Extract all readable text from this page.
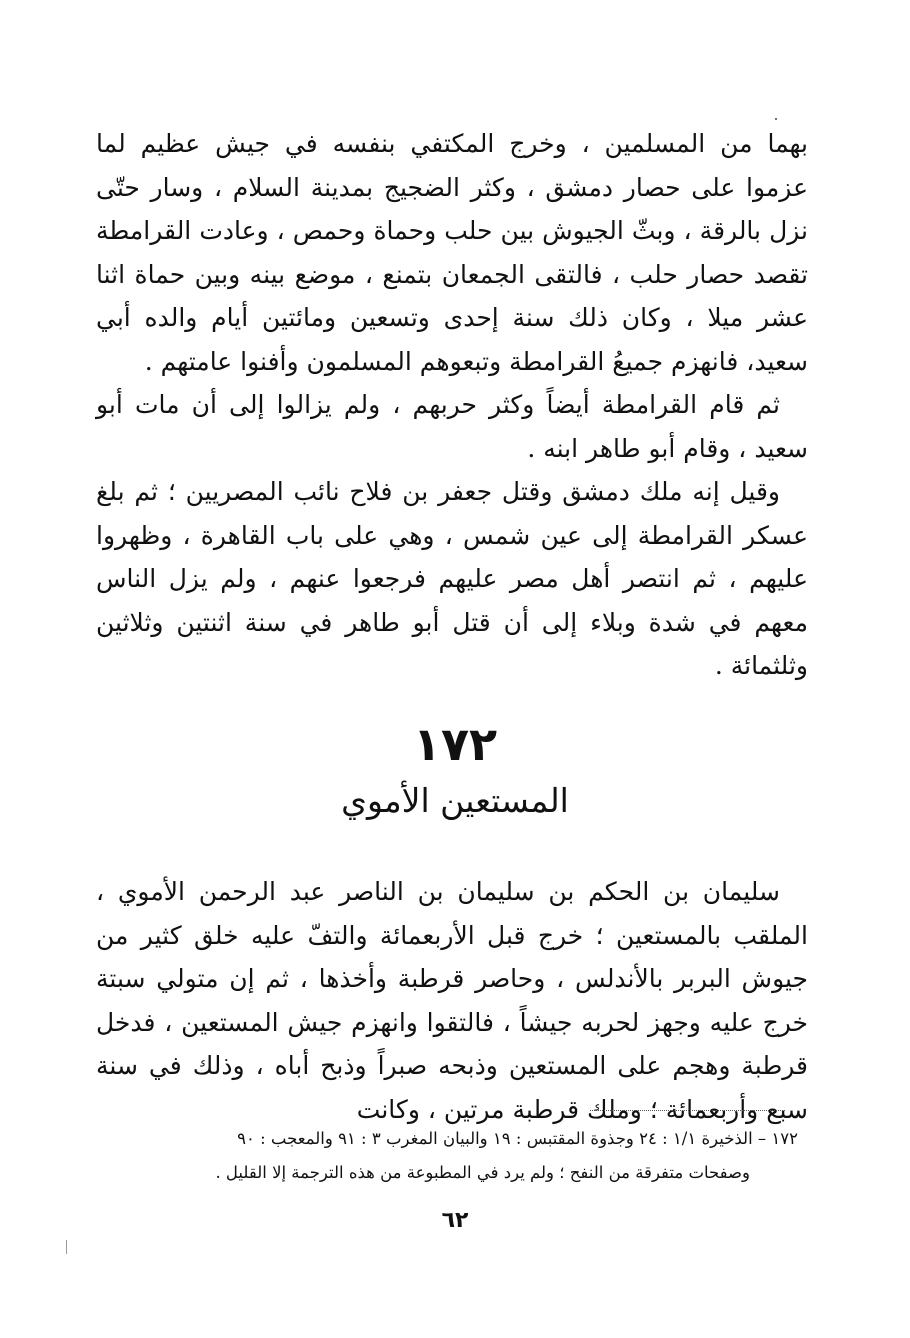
بهما من المسلمين ، وخرج المكتفي بنفسه في جيش عظيم لما عزموا على حصار دمشق ، وكثر الضجيج بمدينة السلام ، وسار حتّى نزل بالرقة ، وبثّ الجيوش بين حلب وحماة وحمص ، وعادت القرامطة تقصد حصار حلب ، فالتقى الجمعان بتمنع ، موضع بينه وبين حماة اثنا عشر ميلا ، وكان ذلك سنة إحدى وتسعين ومائتين أيام والده أبي سعيد، فانهزم جميعُ القرامطة وتبعوهم المسلمون وأفنوا عامتهم .

ثم قام القرامطة أيضاً وكثر حربهم ، ولم يزالوا إلى أن مات أبو سعيد ، وقام أبو طاهر ابنه .

وقيل إنه ملك دمشق وقتل جعفر بن فلاح نائب المصريين ؛ ثم بلغ عسكر القرامطة إلى عين شمس ، وهي على باب القاهرة ، وظهروا عليهم ، ثم انتصر أهل مصر عليهم فرجعوا عنهم ، ولم يزل الناس معهم في شدة وبلاء إلى أن قتل أبو طاهر في سنة اثنتين وثلاثين وثلثمائة .

١٧٢
المستعين الأموي

سليمان بن الحكم بن سليمان بن الناصر عبد الرحمن الأموي ، الملقب بالمستعين ؛ خرج قبل الأربعمائة والتفّ عليه خلق كثير من جيوش البربر بالأندلس ، وحاصر قرطبة وأخذها ، ثم إن متولي سبتة خرج عليه وجهز لحربه جيشاً ، فالتقوا وانهزم جيش المستعين ، فدخل قرطبة وهجم على المستعين وذبحه صبراً وذبح أباه ، وذلك في سنة سبع وأربعمائة ؛ وملك قرطبة مرتين ، وكانت

١٧٢ – الذخيرة ١/١ : ٢٤ وجذوة المقتبس : ١٩ والبيان المغرب ٣ : ٩١ والمعجب : ٩٠
وصفحات متفرقة من النفح ؛ ولم يرد في المطبوعة من هذه الترجمة إلا القليل .
٦٢
